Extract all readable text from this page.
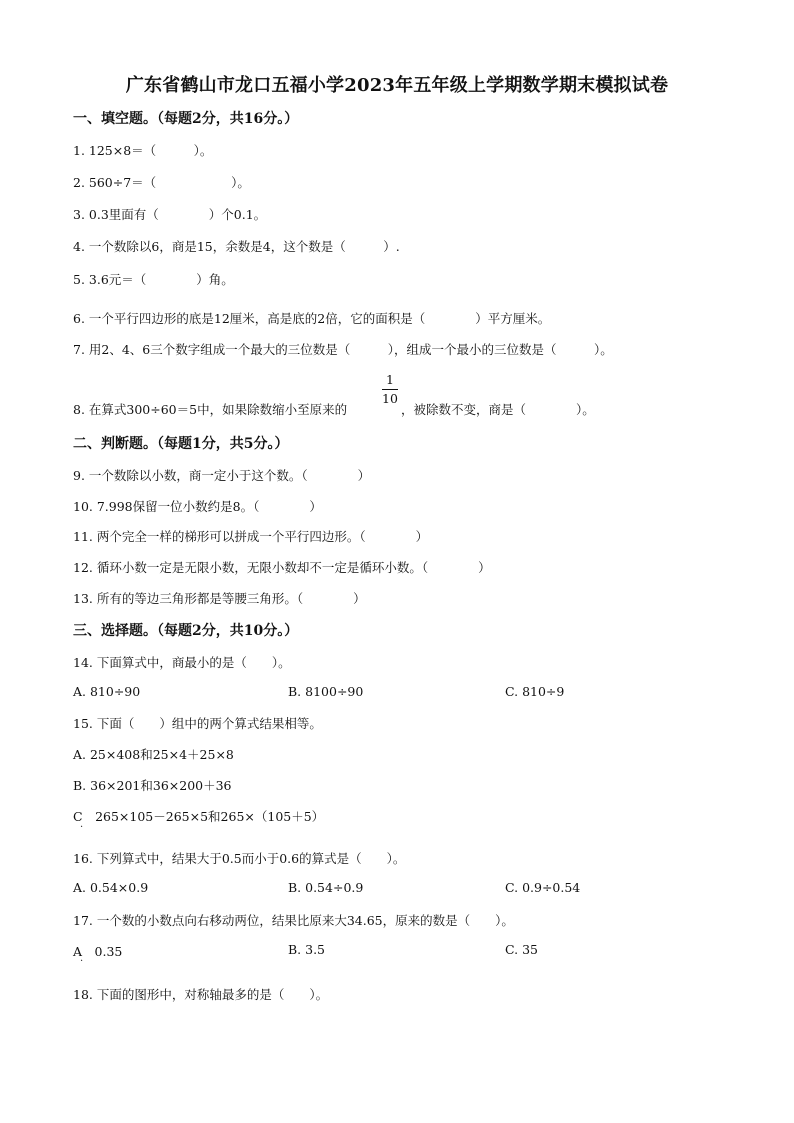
广东省鹤山市龙口五福小学2023年五年级上学期数学期末模拟试卷
一、填空题。（每题2分，共16分。）
1. 125×8＝（　　　）。
2. 560÷7＝（　　　　　　）。
3. 0.3里面有（　　　　）个0.1。
4. 一个数除以6，商是15，余数是4，这个数是（　　　）.
5. 3.6元＝（　　　　）角。
6. 一个平行四边形的底是12厘米，高是底的2倍，它的面积是（　　　　）平方厘米。
7. 用2、4、6三个数字组成一个最大的三位数是（　　　），组成一个最小的三位数是（　　　）。
8. 在算式300÷60＝5中，如果除数缩小至原来的
1
10
，被除数不变，商是（　　　　）。
二、判断题。（每题1分，共5分。）
9. 一个数除以小数，商一定小于这个数。（　　　　）
10. 7.998保留一位小数约是8。（　　　　）
11. 两个完全一样的梯形可以拼成一个平行四边形。（　　　　）
12. 循环小数一定是无限小数，无限小数却不一定是循环小数。（　　　　）
13. 所有的等边三角形都是等腰三角形。（　　　　）
三、选择题。（每题2分，共10分。）
14. 下面算式中，商最小的是（　　）。
A. 810÷90	B. 8100÷90	C. 810÷9
15. 下面（　　）组中的两个算式结果相等。
A. 25×408和25×4＋25×8
B. 36×201和36×200＋36
C　265×105－265×5和265×（105＋5）
·
16. 下列算式中，结果大于0.5而小于0.6的算式是（　　）。
A. 0.54×0.9	B. 0.54÷0.9	C. 0.9÷0.54
17. 一个数的小数点向右移动两位，结果比原来大34.65，原来的数是（　　）。
A　0.35	B. 3.5	C. 35
·
18. 下面的图形中，对称轴最多的是（　　）。
